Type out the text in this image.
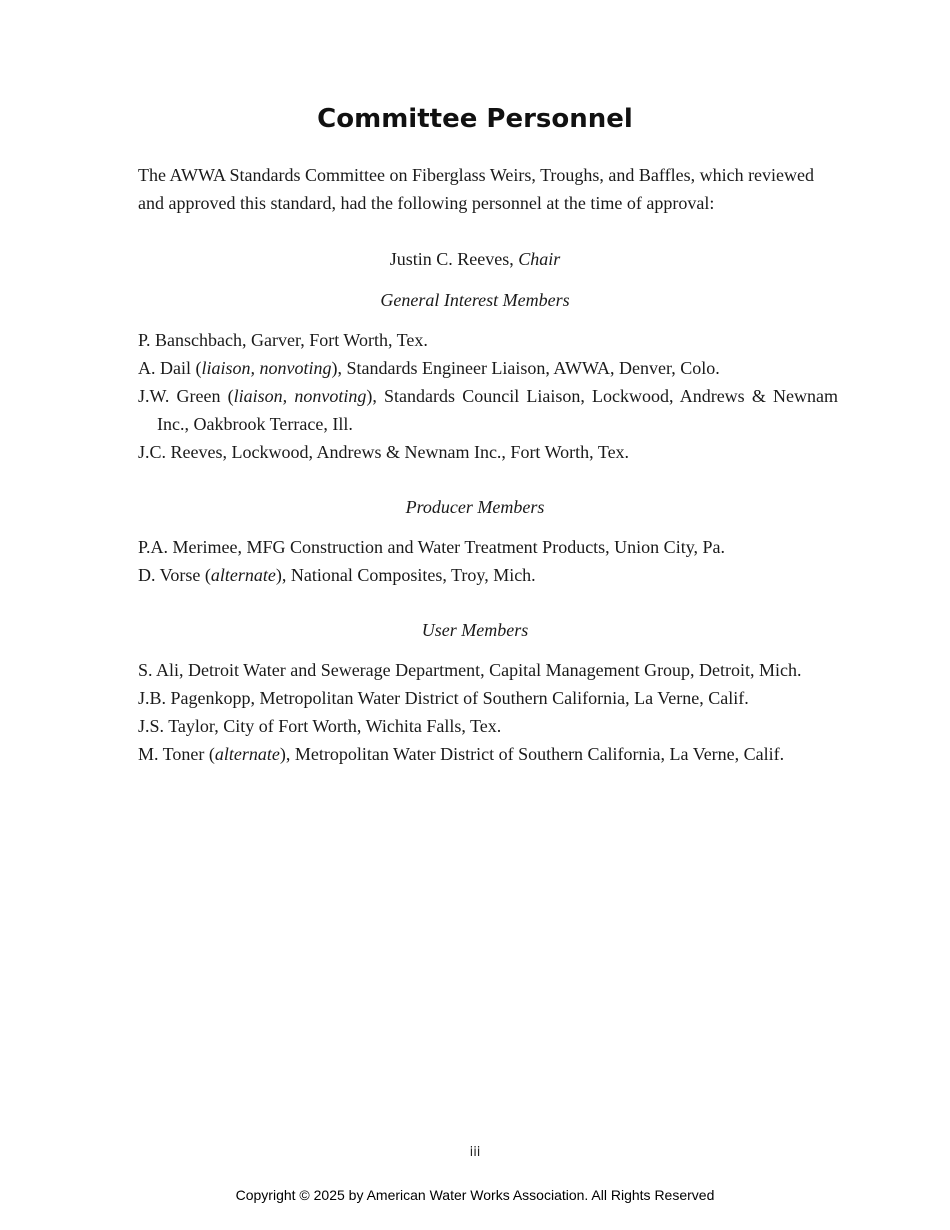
Committee Personnel

The AWWA Standards Committee on Fiberglass Weirs, Troughs, and Baffles, which reviewed and approved this standard, had the following personnel at the time of approval:

Justin C. Reeves, Chair

General Interest Members

P. Banschbach, Garver, Fort Worth, Tex.
A. Dail (liaison, nonvoting), Standards Engineer Liaison, AWWA, Denver, Colo.
J.W. Green (liaison, nonvoting), Standards Council Liaison, Lockwood, Andrews & Newnam Inc., Oakbrook Terrace, Ill.
J.C. Reeves, Lockwood, Andrews & Newnam Inc., Fort Worth, Tex.

Producer Members

P.A. Merimee, MFG Construction and Water Treatment Products, Union City, Pa.
D. Vorse (alternate), National Composites, Troy, Mich.

User Members

S. Ali, Detroit Water and Sewerage Department, Capital Management Group, Detroit, Mich.
J.B. Pagenkopp, Metropolitan Water District of Southern California, La Verne, Calif.
J.S. Taylor, City of Fort Worth, Wichita Falls, Tex.
M. Toner (alternate), Metropolitan Water District of Southern California, La Verne, Calif.

iii

Copyright © 2025 by American Water Works Association. All Rights Reserved
